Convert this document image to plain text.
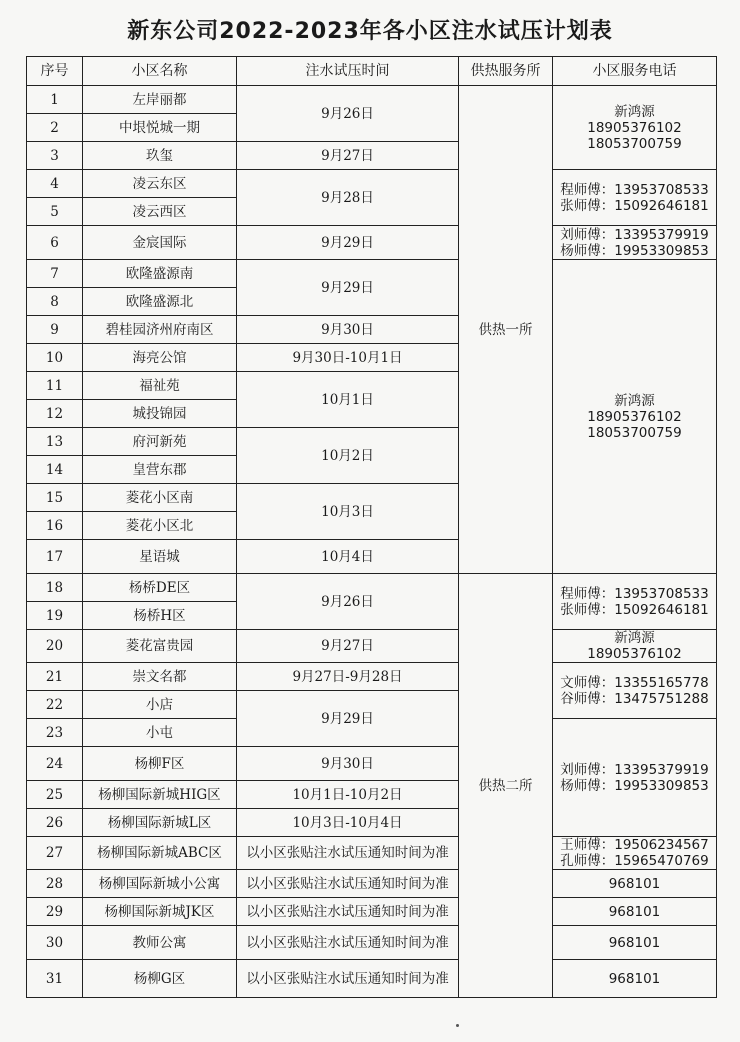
新东公司2022-2023年各小区注水试压计划表
序号	小区名称	注水试压时间	供热服务所	小区服务电话
1	左岸丽都	9月26日	供热一所	新鸿源
18905376102
18053700759

2	中垠悦城一期			
3	玖玺	9月27日		
4	凌云东区	9月28日		程师傅：13953708533
张师傅：15092646181

5	凌云西区			
6	金宸国际	9月29日		刘师傅：13395379919
杨师傅：19953309853

7	欧隆盛源南	9月29日		新鸿源
18905376102
18053700759

8	欧隆盛源北			
9	碧桂园济州府南区	9月30日		
10	海亮公馆	9月30日-10月1日		
11	福祉苑	10月1日		
12	城投锦园			
13	府河新苑	10月2日		
14	皇营东郡			
15	菱花小区南	10月3日		
16	菱花小区北			
17	星语城	10月4日		
18	杨桥DE区	9月26日	供热二所	程师傅：13953708533
张师傅：15092646181

19	杨桥H区			
20	菱花富贵园	9月27日		新鸿源
18905376102

21	崇文名都	9月27日-9月28日		文师傅：13355165778
谷师傅：13475751288

22	小店	9月29日		
23	小屯			刘师傅：13395379919
杨师傅：19953309853

24	杨柳F区	9月30日		
25	杨柳国际新城HIG区	10月1日-10月2日		
26	杨柳国际新城L区	10月3日-10月4日		
27	杨柳国际新城ABC区	以小区张贴注水试压通知时间为准		王师傅：19506234567
孔师傅：15965470769

28	杨柳国际新城小公寓	以小区张贴注水试压通知时间为准		968101

29	杨柳国际新城JK区	以小区张贴注水试压通知时间为准		968101

30	教师公寓	以小区张贴注水试压通知时间为准		968101

31	杨柳G区	以小区张贴注水试压通知时间为准		968101
